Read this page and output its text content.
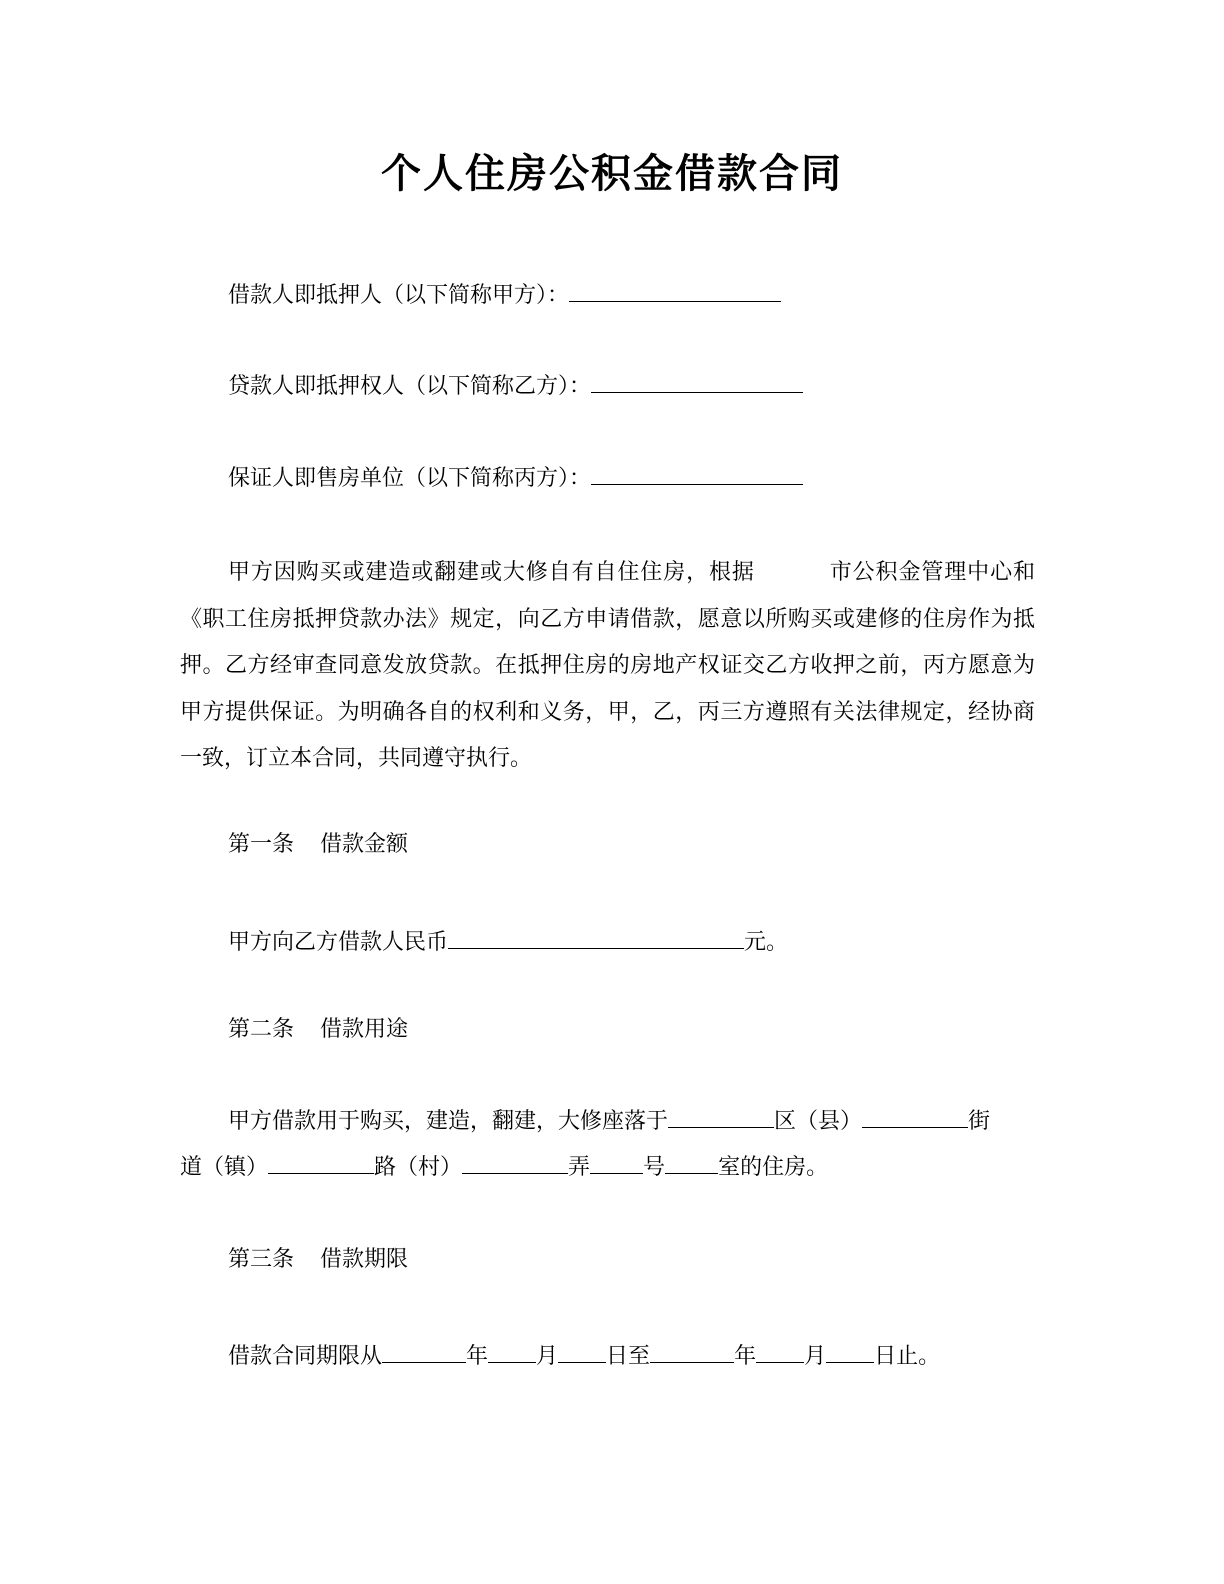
个人住房公积金借款合同
借款人即抵押人（以下简称甲方）：
贷款人即抵押权人（以下简称乙方）：
保证人即售房单位（以下简称丙方）：

甲方因购买或建造或翻建或大修自有自住住房，根据	市公积金管理中心和《职工住房抵押贷款办法》规定，向乙方申请借款，愿意以所购买或建修的住房作为抵押。乙方经审查同意发放贷款。在抵押住房的房地产权证交乙方收押之前，丙方愿意为甲方提供保证。为明确各自的权利和义务，甲，乙，丙三方遵照有关法律规定，经协商一致，订立本合同，共同遵守执行。

第一条 借款金额
甲方向乙方借款人民币	元。
第二条 借款用途
甲方借款用于购买，建造，翻建，大修座落于	区（县）	街
道（镇）	路（村）	弄 号 室的住房。
第三条 借款期限
借款合同期限从	年 月 日至	年 月 日止。
